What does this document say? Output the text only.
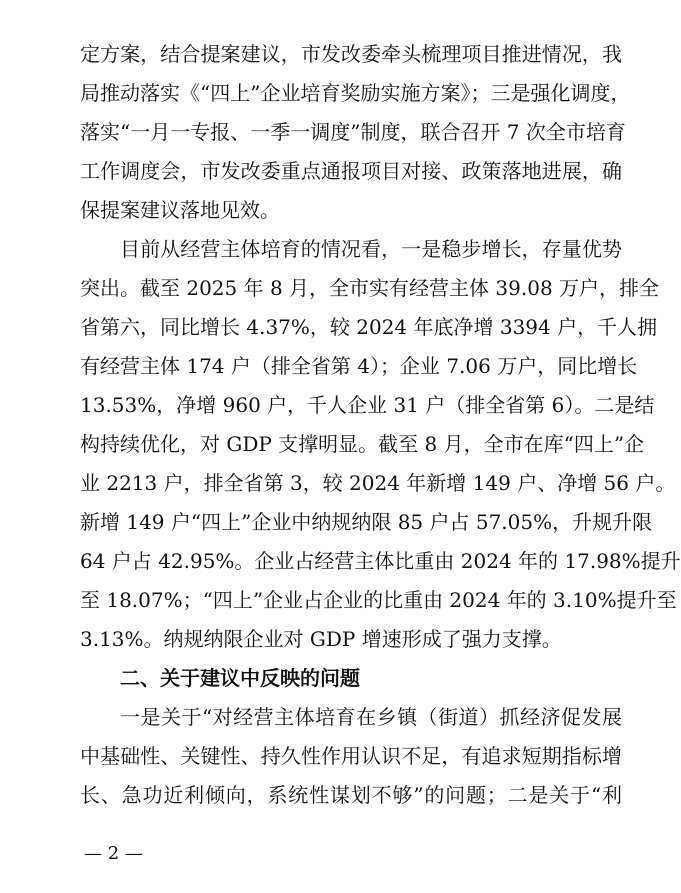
定方案，结合提案建议，市发改委牵头梳理项目推进情况，我
局推动落实《“四上”企业培育奖励实施方案》；三是强化调度，
落实“一月一专报、一季一调度”制度，联合召开 7 次全市培育
工作调度会，市发改委重点通报项目对接、政策落地进展，确
保提案建议落地见效。
目前从经营主体培育的情况看，一是稳步增长，存量优势
突出。截至 2025 年 8 月，全市实有经营主体 39.08 万户，排全
省第六，同比增长 4.37%，较 2024 年底净增 3394 户，千人拥
有经营主体 174 户（排全省第 4）；企业 7.06 万户，同比增长
13.53%，净增 960 户，千人企业 31 户（排全省第 6）。二是结
构持续优化，对 GDP 支撑明显。截至 8 月，全市在库“四上”企
业 2213 户，排全省第 3，较 2024 年新增 149 户、净增 56 户。
新增 149 户“四上”企业中纳规纳限 85 户占 57.05%，升规升限
64 户占 42.95%。企业占经营主体比重由 2024 年的 17.98%提升
至 18.07%；“四上”企业占企业的比重由 2024 年的 3.10%提升至
3.13%。纳规纳限企业对 GDP 增速形成了强力支撑。
二、关于建议中反映的问题
一是关于“对经营主体培育在乡镇（街道）抓经济促发展
中基础性、关键性、持久性作用认识不足，有追求短期指标增
长、急功近利倾向，系统性谋划不够”的问题；二是关于“利
— 2 —
